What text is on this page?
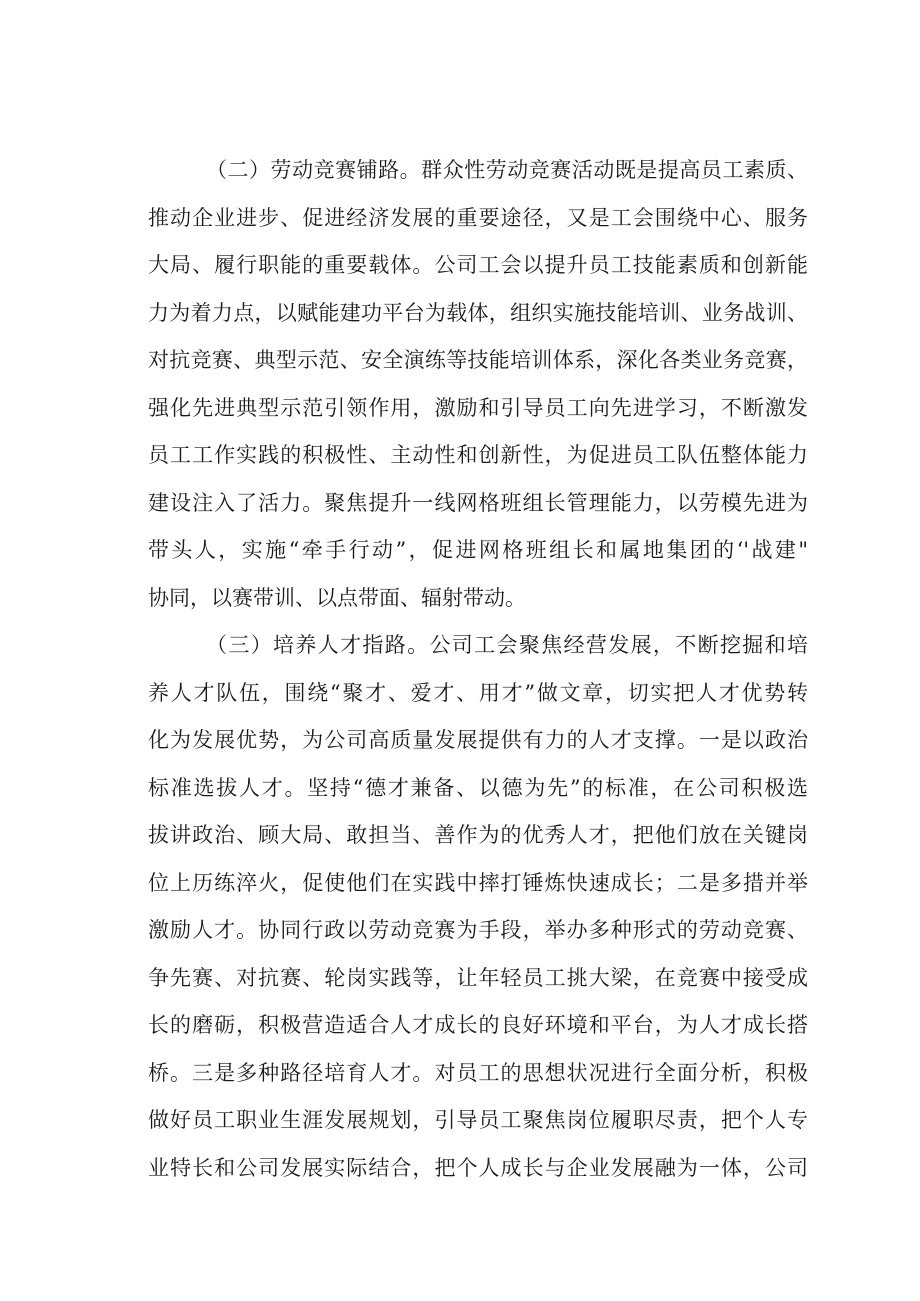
（二）劳动竞赛铺路。群众性劳动竞赛活动既是提高员工素质、
推动企业进步、促进经济发展的重要途径，又是工会围绕中心、服务
大局、履行职能的重要载体。公司工会以提升员工技能素质和创新能
力为着力点，以赋能建功平台为载体，组织实施技能培训、业务战训、
对抗竞赛、典型示范、安全演练等技能培训体系，深化各类业务竞赛，
强化先进典型示范引领作用，激励和引导员工向先进学习，不断激发
员工工作实践的积极性、主动性和创新性，为促进员工队伍整体能力
建设注入了活力。聚焦提升一线网格班组长管理能力，以劳模先进为
带头人，实施“牵手行动”，促进网格班组长和属地集团的‘'战建"
协同，以赛带训、以点带面、辐射带动。
（三）培养人才指路。公司工会聚焦经营发展，不断挖掘和培
养人才队伍，围绕“聚才、爱才、用才”做文章，切实把人才优势转
化为发展优势，为公司高质量发展提供有力的人才支撑。一是以政治
标准选拔人才。坚持“德才兼备、以德为先”的标准，在公司积极选
拔讲政治、顾大局、敢担当、善作为的优秀人才，把他们放在关键岗
位上历练淬火，促使他们在实践中摔打锤炼快速成长；二是多措并举
激励人才。协同行政以劳动竞赛为手段，举办多种形式的劳动竞赛、
争先赛、对抗赛、轮岗实践等，让年轻员工挑大梁，在竞赛中接受成
长的磨砺，积极营造适合人才成长的良好环境和平台，为人才成长搭
桥。三是多种路径培育人才。对员工的思想状况进行全面分析，积极
做好员工职业生涯发展规划，引导员工聚焦岗位履职尽责，把个人专
业特长和公司发展实际结合，把个人成长与企业发展融为一体，公司
